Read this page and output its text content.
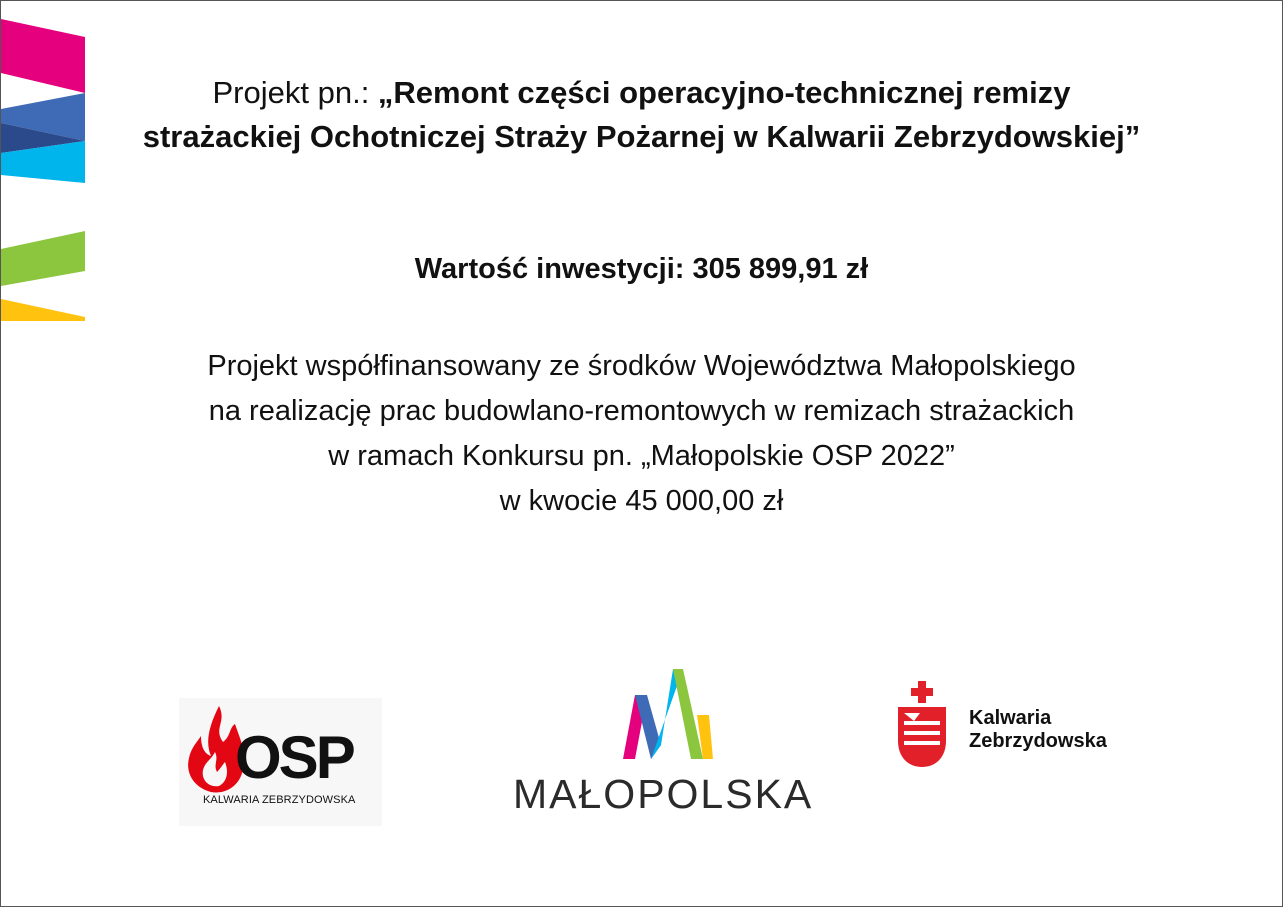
Projekt pn.: „Remont części operacyjno-technicznej remizy
strażackiej Ochotniczej Straży Pożarnej w Kalwarii Zebrzydowskiej”
Wartość inwestycji: 305 899,91 zł
Projekt współfinansowany ze środków Województwa Małopolskiego
na realizację prac budowlano-remontowych w remizach strażackich
w ramach Konkursu pn. „Małopolskie OSP 2022”
w kwocie 45 000,00 zł
OSP
KALWARIA ZEBRZYDOWSKA	MAŁOPOLSKA
Kalwaria
Zebrzydowska
